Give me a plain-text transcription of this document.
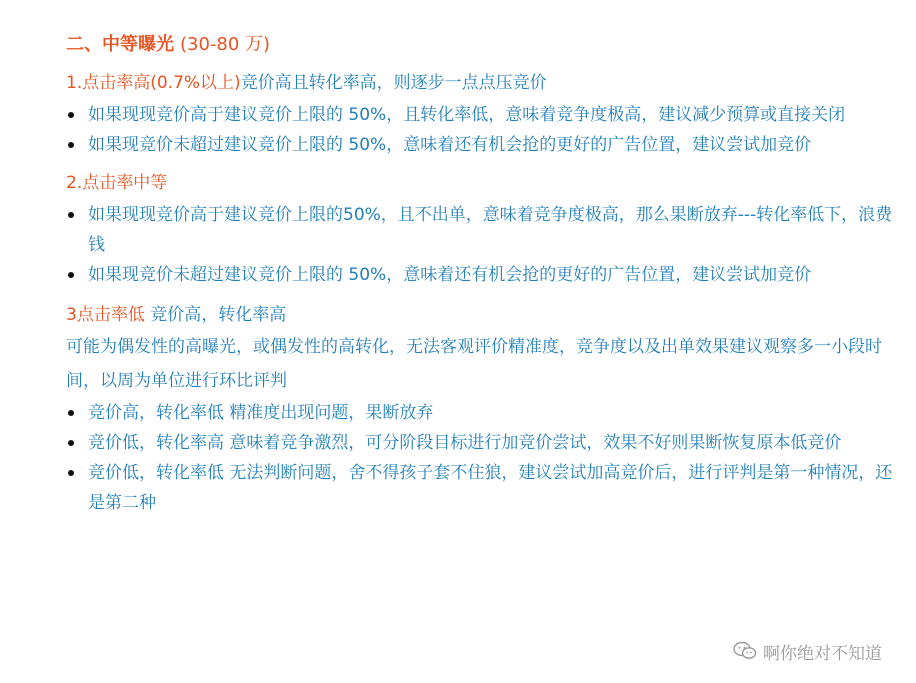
二、中等曝光 (30-80 万)

1.点击率高(0.7%以上)竞价高且转化率高，则逐步一点点压竞价

如果现现竞价高于建议竞价上限的 50%，且转化率低，意味着竞争度极高，建议减少预算或直接关闭
如果现竞价未超过建议竞价上限的 50%，意味着还有机会抢的更好的广告位置，建议尝试加竞价

2.点击率中等

如果现现竞价高于建议竞价上限的50%，且不出单，意味着竞争度极高，那么果断放弃---转化率低下，浪费钱
如果现竞价未超过建议竞价上限的 50%，意味着还有机会抢的更好的广告位置，建议尝试加竞价

3点击率低 竞价高，转化率高

可能为偶发性的高曝光，或偶发性的高转化，无法客观评价精准度，竞争度以及出单效果建议观察多一小段时间，以周为单位进行环比评判

竞价高，转化率低 精准度出现问题，果断放弃
竞价低，转化率高 意味着竞争激烈，可分阶段目标进行加竞价尝试，效果不好则果断恢复原本低竞价
竞价低，转化率低 无法判断问题，舍不得孩子套不住狼，建议尝试加高竞价后，进行评判是第一种情况，还是第二种
啊你绝对不知道
